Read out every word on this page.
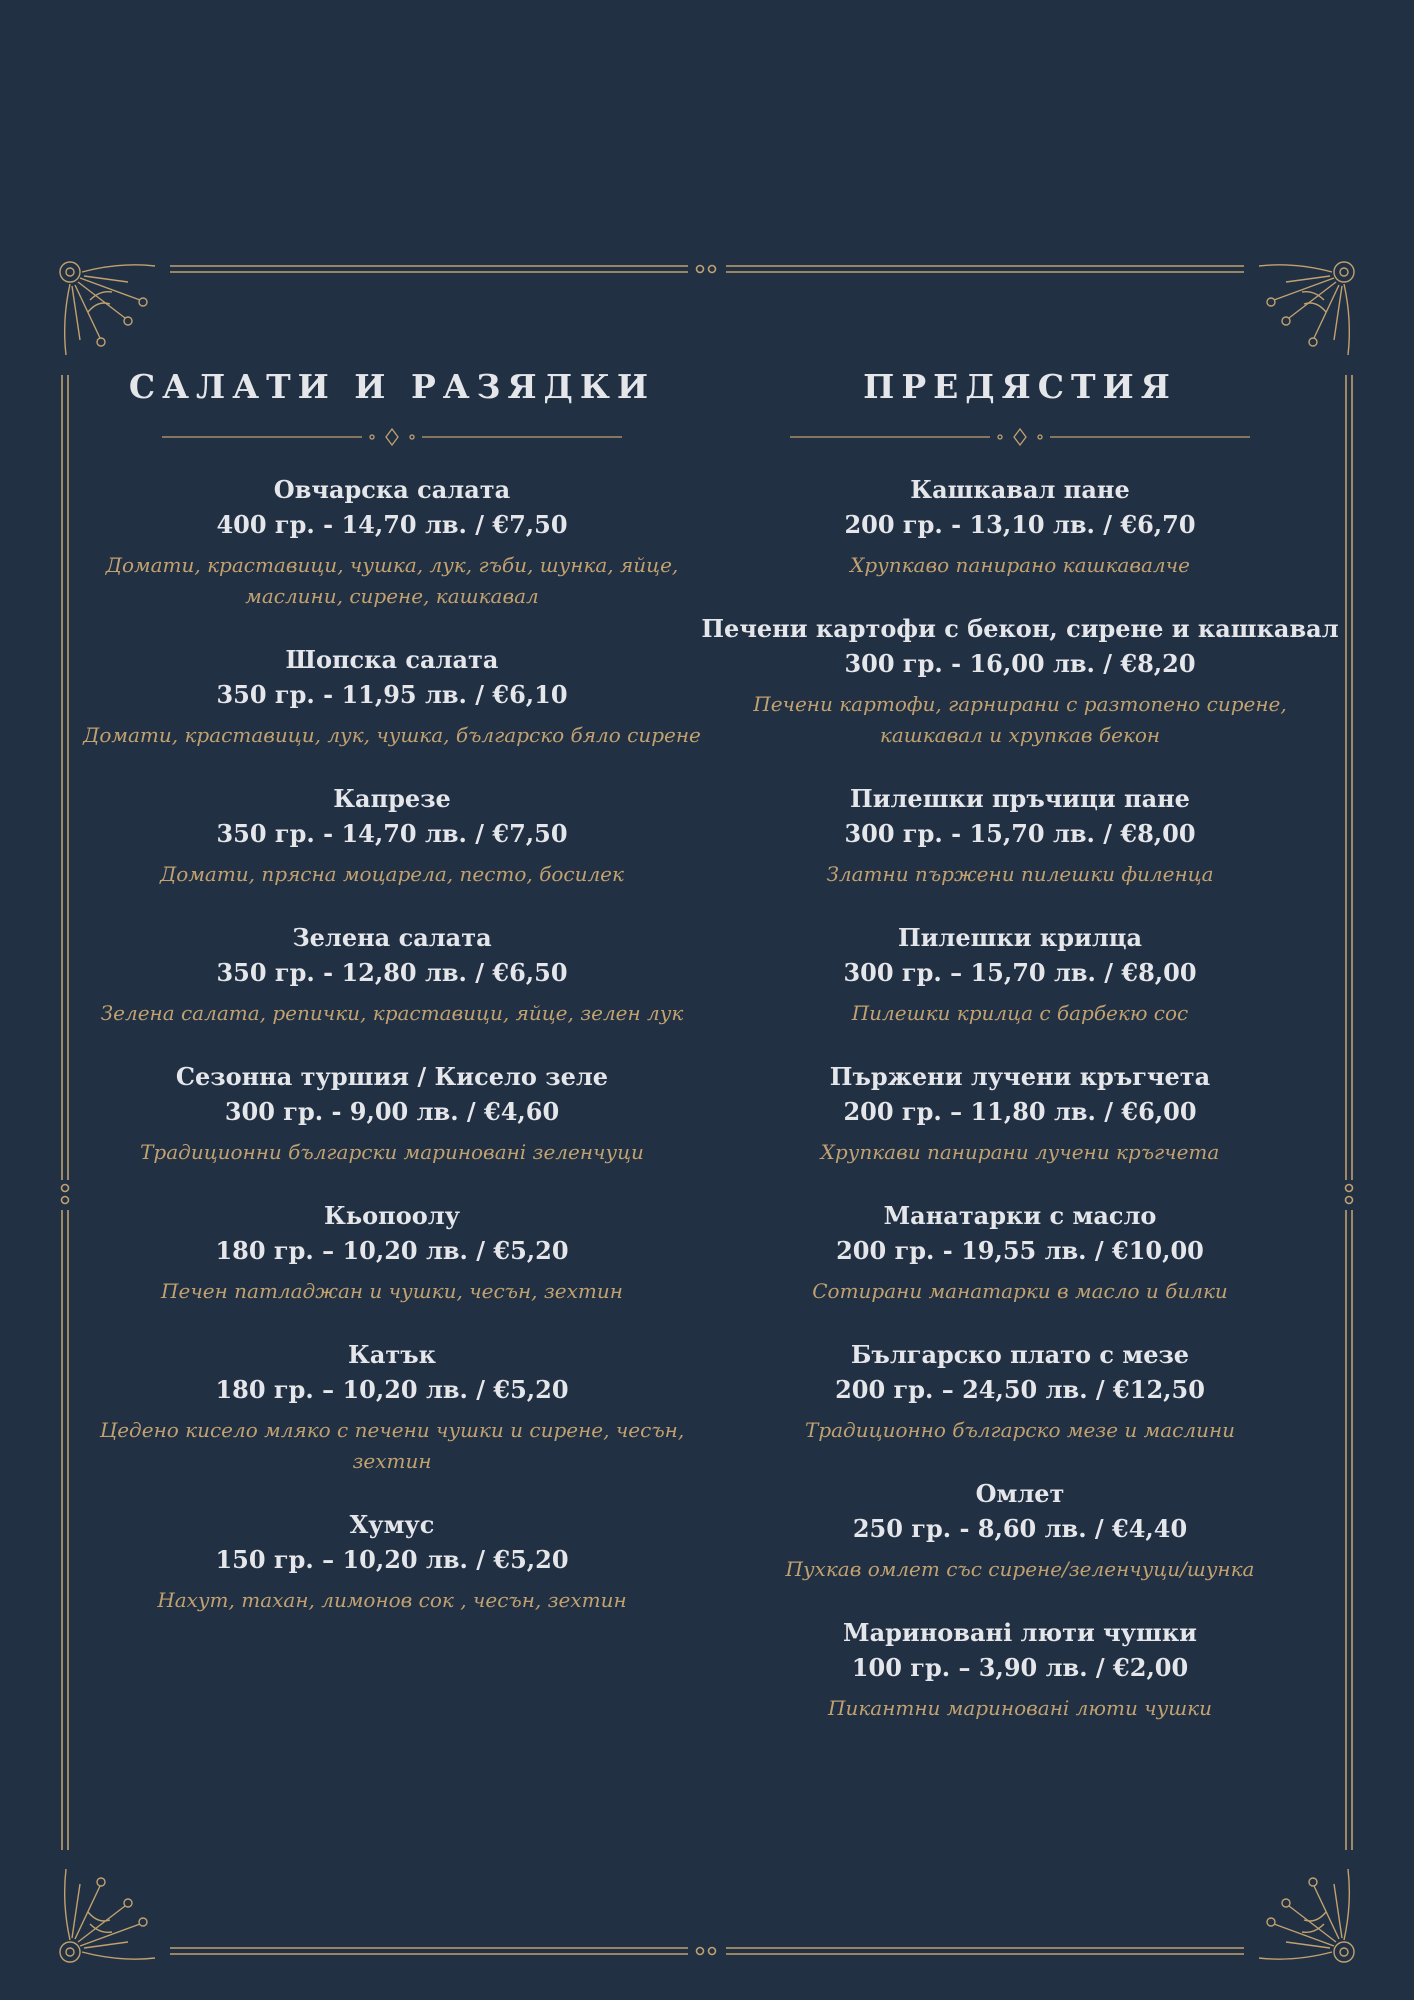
САЛАТИ И РАЗЯДКИ
Овчарска салата
400 гр. - 14,70 лв. / €7,50
Домати, краставици, чушка, лук, гъби, шунка, яйце, маслини, сирене, кашкавал
Шопска салата
350 гр. - 11,95 лв. / €6,10
Домати, краставици, лук, чушка, българско бяло сирене
Капрезе
350 гр. - 14,70 лв. / €7,50
Домати, прясна моцарела, песто, босилек
Зелена салата
350 гр. - 12,80 лв. / €6,50
Зелена салата, репички, краставици, яйце, зелен лук
Сезонна туршия / Кисело зеле
300 гр. - 9,00 лв. / €4,60
Традиционни български маринованi зеленчуци
Кьопоолу
180 гр. – 10,20 лв. / €5,20
Печен патладжан и чушки, чесън, зехтин
Катък
180 гр. – 10,20 лв. / €5,20
Цедено кисело мляко с печени чушки и сирене, чесън, зехтин
Хумус
150 гр. – 10,20 лв. / €5,20
Нахут, тахан, лимонов сок , чесън, зехтин
ПРЕДЯСТИЯ
Кашкавал пане
200 гр. - 13,10 лв. / €6,70
Хрупкаво панирано кашкавалче
Печени картофи с бекон, сирене и кашкавал
300 гр. - 16,00 лв. / €8,20
Печени картофи, гарнирани с разтопено сирене, кашкавал и хрупкав бекон
Пилешки пръчици пане
300 гр. - 15,70 лв. / €8,00
Златни пържени пилешки филенца
Пилешки крилца
300 гр. – 15,70 лв. / €8,00
Пилешки крилца с барбекю сос
Пържени лучени кръгчета
200 гр. – 11,80 лв. / €6,00
Хрупкави панирани лучени кръгчета
Манатарки с масло
200 гр. - 19,55 лв. / €10,00
Сотирани манатарки в масло и билки
Българско плато с мезе
200 гр. – 24,50 лв. / €12,50
Традиционно българско мезе и маслини
Омлет
250 гр. - 8,60 лв. / €4,40
Пухкав омлет със сирене/зеленчуци/шунка
Маринованi люти чушки
100 гр. – 3,90 лв. / €2,00
Пикантни маринованi люти чушки
